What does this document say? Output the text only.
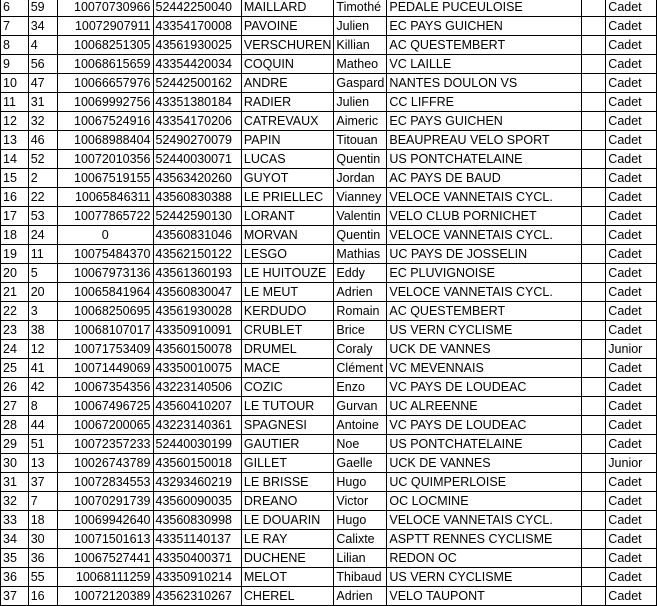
6	59	10070730966	52442250040	MAILLARD	Timothé	PEDALE PUCEULOISE		Cadet
7	34	10072907911	43354170008	PAVOINE	Julien	EC PAYS GUICHEN		Cadet
8	4	10068251305	43561930025	VERSCHUREN	Killian	AC QUESTEMBERT		Cadet
9	56	10068615659	43354420034	COQUIN	Matheo	VC LAILLE		Cadet
10	47	10066657976	52442500162	ANDRE	Gaspard	NANTES DOULON VS		Cadet
11	31	10069992756	43351380184	RADIER	Julien	CC LIFFRE		Cadet
12	32	10067524916	43354170206	CATREVAUX	Aimeric	EC PAYS GUICHEN		Cadet
13	46	10068988404	52490270079	PAPIN	Titouan	BEAUPREAU VELO SPORT		Cadet
14	52	10072010356	52440030071	LUCAS	Quentin	US PONTCHATELAINE		Cadet
15	2	10067519155	43563420260	GUYOT	Jordan	AC PAYS DE BAUD		Cadet
16	22	10065846311	43560830388	LE PRIELLEC	Vianney	VELOCE VANNETAIS CYCL.		Cadet
17	53	10077865722	52442590130	LORANT	Valentin	VELO CLUB PORNICHET		Cadet
18	24	0	43560831046	MORVAN	Quentin	VELOCE VANNETAIS CYCL.		Cadet
19	11	10075484370	43562150122	LESGO	Mathias	UC PAYS DE JOSSELIN		Cadet
20	5	10067973136	43561360193	LE HUITOUZE	Eddy	EC PLUVIGNOISE		Cadet
21	20	10065841964	43560830047	LE MEUT	Adrien	VELOCE VANNETAIS CYCL.		Cadet
22	3	10068250695	43561930028	KERDUDO	Romain	AC QUESTEMBERT		Cadet
23	38	10068107017	43350910091	CRUBLET	Brice	US VERN CYCLISME		Cadet
24	12	10071753409	43560150078	DRUMEL	Coraly	UCK DE VANNES		Junior
25	41	10071449069	43350010075	MACE	Clément	VC MEVENNAIS		Cadet
26	42	10067354356	43223140506	COZIC	Enzo	VC PAYS DE LOUDEAC		Cadet
27	8	10067496725	43560410207	LE TUTOUR	Gurvan	UC ALREENNE		Cadet
28	44	10067200065	43223140361	SPAGNESI	Antoine	VC PAYS DE LOUDEAC		Cadet
29	51	10072357233	52440030199	GAUTIER	Noe	US PONTCHATELAINE		Cadet
30	13	10026743789	43560150018	GILLET	Gaelle	UCK DE VANNES		Junior
31	37	10072834553	43293460219	LE BRISSE	Hugo	UC QUIMPERLOISE		Cadet
32	7	10070291739	43560090035	DREANO	Victor	OC LOCMINE		Cadet
33	18	10069942640	43560830998	LE DOUARIN	Hugo	VELOCE VANNETAIS CYCL.		Cadet
34	30	10071501613	43351140137	LE RAY	Calixte	ASPTT RENNES CYCLISME		Cadet
35	36	10067527441	43350400371	DUCHENE	Lilian	REDON OC		Cadet
36	55	10068111259	43350910214	MELOT	Thibaud	US VERN CYCLISME		Cadet
37	16	10072120389	43562310267	CHEREL	Adrien	VELO TAUPONT		Cadet
